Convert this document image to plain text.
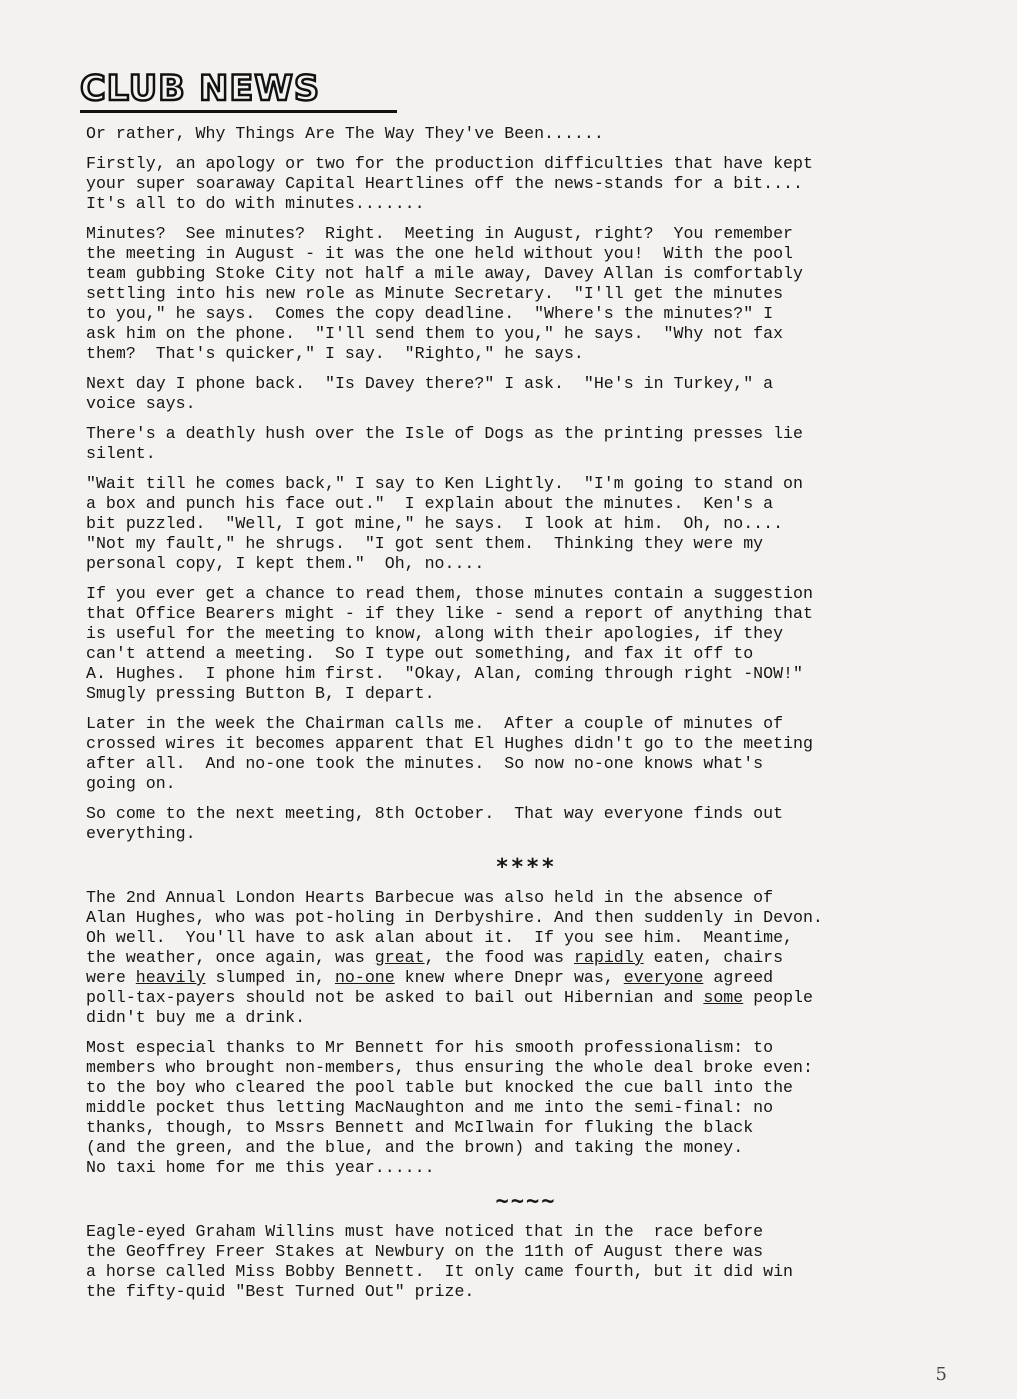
CLUB NEWS

Or rather, Why Things Are The Way They've Been......

Firstly, an apology or two for the production difficulties that have kept
your super soaraway Capital Heartlines off the news-stands for a bit....
It's all to do with minutes.......

Minutes?  See minutes?  Right.  Meeting in August, right?  You remember
the meeting in August - it was the one held without you!  With the pool
team gubbing Stoke City not half a mile away, Davey Allan is comfortably
settling into his new role as Minute Secretary.  "I'll get the minutes
to you," he says.  Comes the copy deadline.  "Where's the minutes?" I
ask him on the phone.  "I'll send them to you," he says.  "Why not fax
them?  That's quicker," I say.  "Righto," he says.

Next day I phone back.  "Is Davey there?" I ask.  "He's in Turkey," a
voice says.

There's a deathly hush over the Isle of Dogs as the printing presses lie
silent.

"Wait till he comes back," I say to Ken Lightly.  "I'm going to stand on
a box and punch his face out."  I explain about the minutes.  Ken's a
bit puzzled.  "Well, I got mine," he says.  I look at him.  Oh, no....
"Not my fault," he shrugs.  "I got sent them.  Thinking they were my
personal copy, I kept them."  Oh, no....

If you ever get a chance to read them, those minutes contain a suggestion
that Office Bearers might - if they like - send a report of anything that
is useful for the meeting to know, along with their apologies, if they
can't attend a meeting.  So I type out something, and fax it off to
A. Hughes.  I phone him first.  "Okay, Alan, coming through right -NOW!"
Smugly pressing Button B, I depart.

Later in the week the Chairman calls me.  After a couple of minutes of
crossed wires it becomes apparent that El Hughes didn't go to the meeting
after all.  And no-one took the minutes.  So now no-one knows what's
going on.

So come to the next meeting, 8th October.  That way everyone finds out
everything.

****

The 2nd Annual London Hearts Barbecue was also held in the absence of
Alan Hughes, who was pot-holing in Derbyshire. And then suddenly in Devon.
Oh well.  You'll have to ask alan about it.  If you see him.  Meantime,
the weather, once again, was great, the food was rapidly eaten, chairs
were heavily slumped in, no-one knew where Dnepr was, everyone agreed
poll-tax-payers should not be asked to bail out Hibernian and some people
didn't buy me a drink.

Most especial thanks to Mr Bennett for his smooth professionalism: to
members who brought non-members, thus ensuring the whole deal broke even:
to the boy who cleared the pool table but knocked the cue ball into the
middle pocket thus letting MacNaughton and me into the semi-final: no
thanks, though, to Mssrs Bennett and McIlwain for fluking the black
(and the green, and the blue, and the brown) and taking the money.
No taxi home for me this year......

~~~~

Eagle-eyed Graham Willins must have noticed that in the  race before
the Geoffrey Freer Stakes at Newbury on the 11th of August there was
a horse called Miss Bobby Bennett.  It only came fourth, but it did win
the fifty-quid "Best Turned Out" prize.

5
